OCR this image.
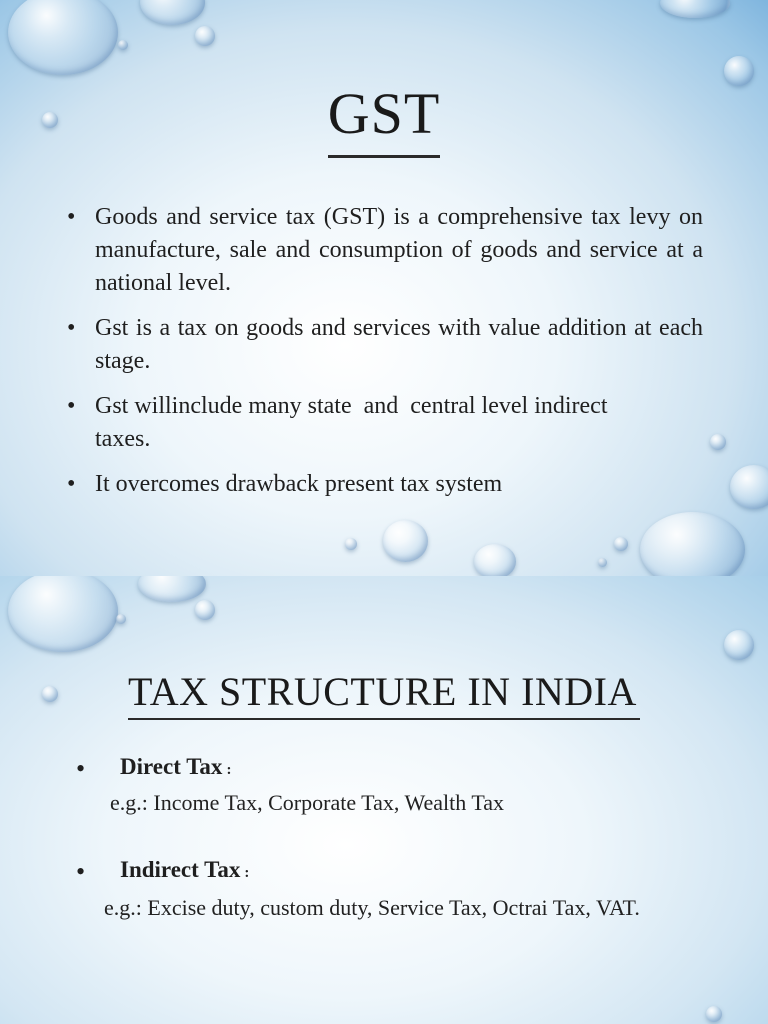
GST
• Goods and service tax (GST) is a comprehensive tax levy on manufacture, sale and consumption of goods and service at a national level.
• Gst is a tax on goods and services with value addition at each stage.
• Gst willinclude many state  and  central level indirect taxes.
• It overcomes drawback present tax system
TAX STRUCTURE IN INDIA
• Direct Tax :
e.g.: Income Tax, Corporate Tax, Wealth Tax
• Indirect Tax :
e.g.: Excise duty, custom duty, Service Tax, Octrai Tax, VAT.
